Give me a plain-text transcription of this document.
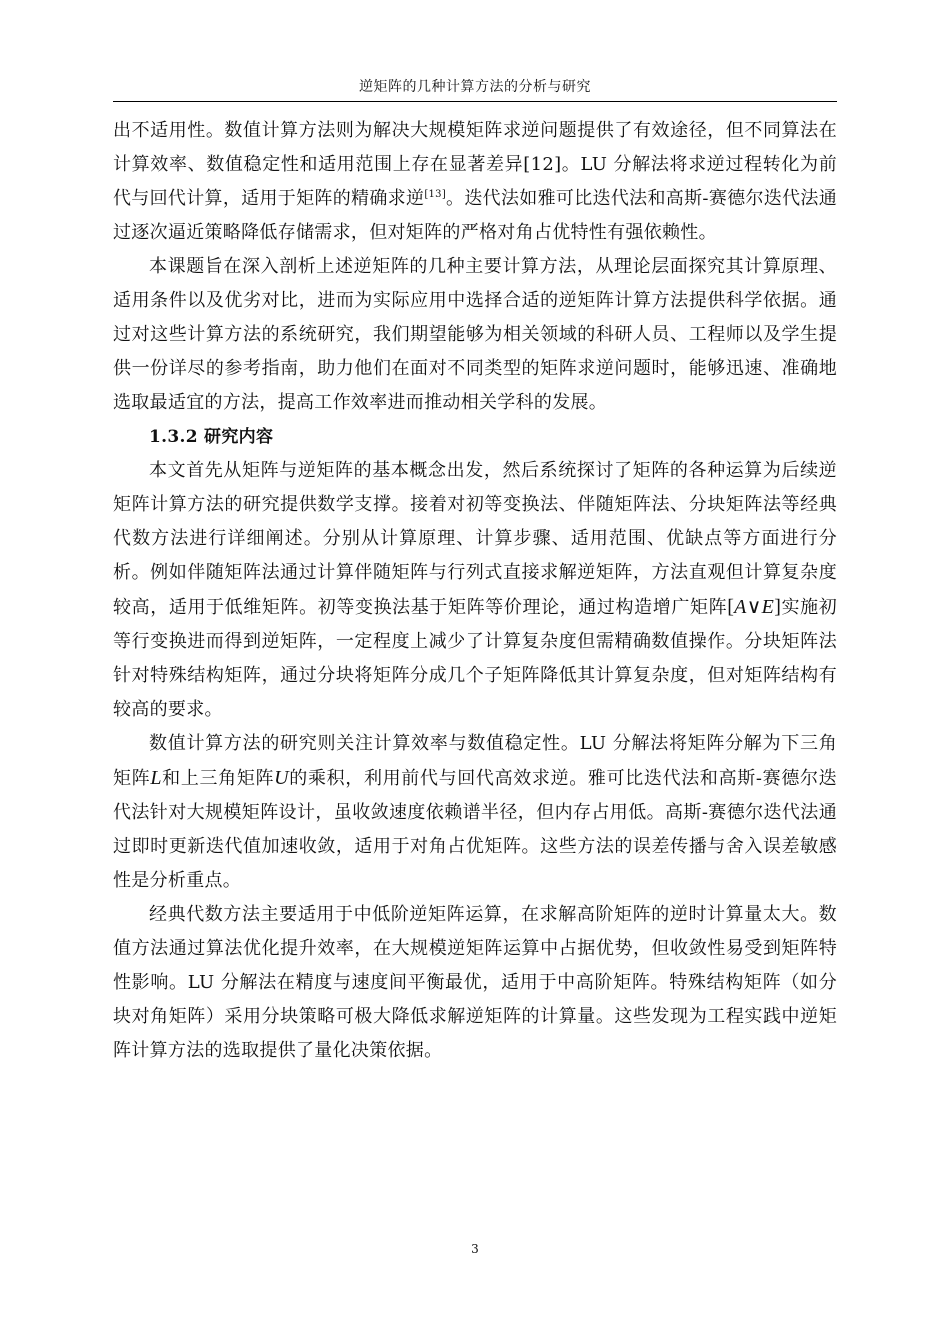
逆矩阵的几种计算方法的分析与研究

出不适用性。数值计算方法则为解决大规模矩阵求逆问题提供了有效途径，但不同算法在计算效率、数值稳定性和适用范围上存在显著差异[12]。LU 分解法将求逆过程转化为前代与回代计算，适用于矩阵的精确求逆[13]。迭代法如雅可比迭代法和高斯-赛德尔迭代法通过逐次逼近策略降低存储需求，但对矩阵的严格对角占优特性有强依赖性。

本课题旨在深入剖析上述逆矩阵的几种主要计算方法，从理论层面探究其计算原理、适用条件以及优劣对比，进而为实际应用中选择合适的逆矩阵计算方法提供科学依据。通过对这些计算方法的系统研究，我们期望能够为相关领域的科研人员、工程师以及学生提供一份详尽的参考指南，助力他们在面对不同类型的矩阵求逆问题时，能够迅速、准确地选取最适宜的方法，提高工作效率进而推动相关学科的发展。

1.3.2 研究内容

本文首先从矩阵与逆矩阵的基本概念出发，然后系统探讨了矩阵的各种运算为后续逆矩阵计算方法的研究提供数学支撑。接着对初等变换法、伴随矩阵法、分块矩阵法等经典代数方法进行详细阐述。分别从计算原理、计算步骤、适用范围、优缺点等方面进行分析。例如伴随矩阵法通过计算伴随矩阵与行列式直接求解逆矩阵，方法直观但计算复杂度较高，适用于低维矩阵。初等变换法基于矩阵等价理论，通过构造增广矩阵[A∨E]实施初等行变换进而得到逆矩阵，一定程度上减少了计算复杂度但需精确数值操作。分块矩阵法针对特殊结构矩阵，通过分块将矩阵分成几个子矩阵降低其计算复杂度，但对矩阵结构有较高的要求。

数值计算方法的研究则关注计算效率与数值稳定性。LU 分解法将矩阵分解为下三角矩阵L和上三角矩阵U的乘积，利用前代与回代高效求逆。雅可比迭代法和高斯-赛德尔迭代法针对大规模矩阵设计，虽收敛速度依赖谱半径，但内存占用低。高斯-赛德尔迭代法通过即时更新迭代值加速收敛，适用于对角占优矩阵。这些方法的误差传播与舍入误差敏感性是分析重点。

经典代数方法主要适用于中低阶逆矩阵运算，在求解高阶矩阵的逆时计算量太大。数值方法通过算法优化提升效率，在大规模逆矩阵运算中占据优势，但收敛性易受到矩阵特性影响。LU 分解法在精度与速度间平衡最优，适用于中高阶矩阵。特殊结构矩阵（如分块对角矩阵）采用分块策略可极大降低求解逆矩阵的计算量。这些发现为工程实践中逆矩阵计算方法的选取提供了量化决策依据。

3
